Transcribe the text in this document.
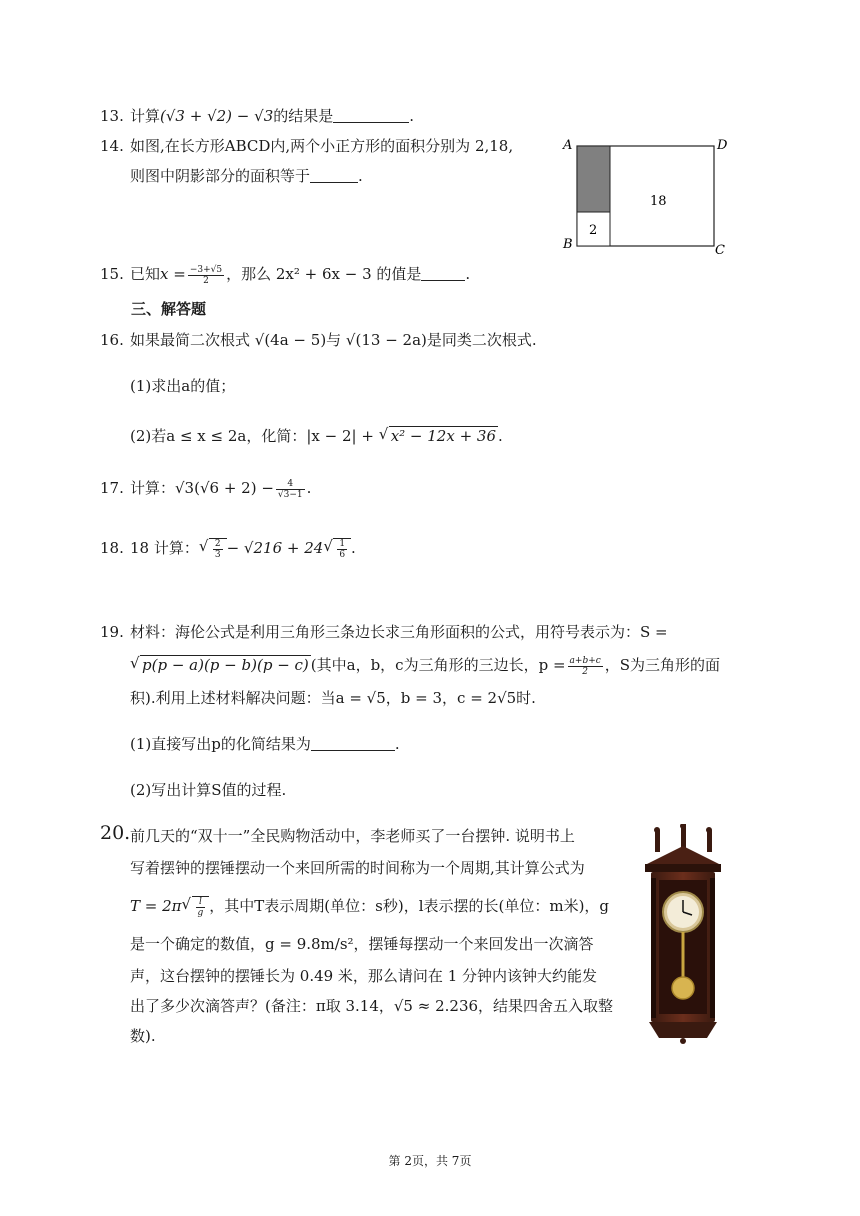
13. 计算(√3 + √2) − √3的结果是	.
14. 如图,在长方形ABCD内,两个小正方形的面积分别为 2,18,
则图中阴影部分的面积等于	.
A	D
B	C
18
2
15. 已知$x = \frac{-3+√5}{2}$ ，那么 2x² + 6x − 3 的值是	.
三、解答题
16. 如果最简二次根式 √(4a − 5)与 √(13 − 2a)是同类二次根式.
(1)求出a的值；
(2)若a ≤ x ≤ 2a，化简：|x − 2| + √ x² − 12x + 36 .
17. 计算：$√3(√6 + 2) - \frac{4}{√3-1}$ .
18. 18 计算： √ $\frac{2}{3} - √216 + 24$ √ $\frac{1}{6}$ .
19. 材料：海伦公式是利用三角形三条边长求三角形面积的公式，用符号表示为：S =
√ p(p − a)(p − b)(p − c) (其中a，b，c为三角形的三边长，$p = \frac{a+b+c}{2}$ ，S为三角形的面
积).利用上述材料解决问题：当a = √5，b = 3，c = 2√5时.
(1)直接写出p的化简结果为	.
(2)写出计算S值的过程.
20. 前几天的“双十一”全民购物活动中，李老师买了一台摆钟. 说明书上
写着摆钟的摆锤摆动一个来回所需的时间称为一个周期,其计算公式为
T = 2π √ $\frac{l}{g}$ ，其中T表示周期(单位：s秒)，l表示摆的长(单位：m米)，g
是一个确定的数值，g = 9.8m/s²，摆锤每摆动一个来回发出一次滴答
声，这台摆钟的摆锤长为 0.49 米，那么请问在 1 分钟内该钟大约能发
出了多少次滴答声？(备注：π取 3.14，√5 ≈ 2.236，结果四舍五入取整
数).
第 2页，共 7页
